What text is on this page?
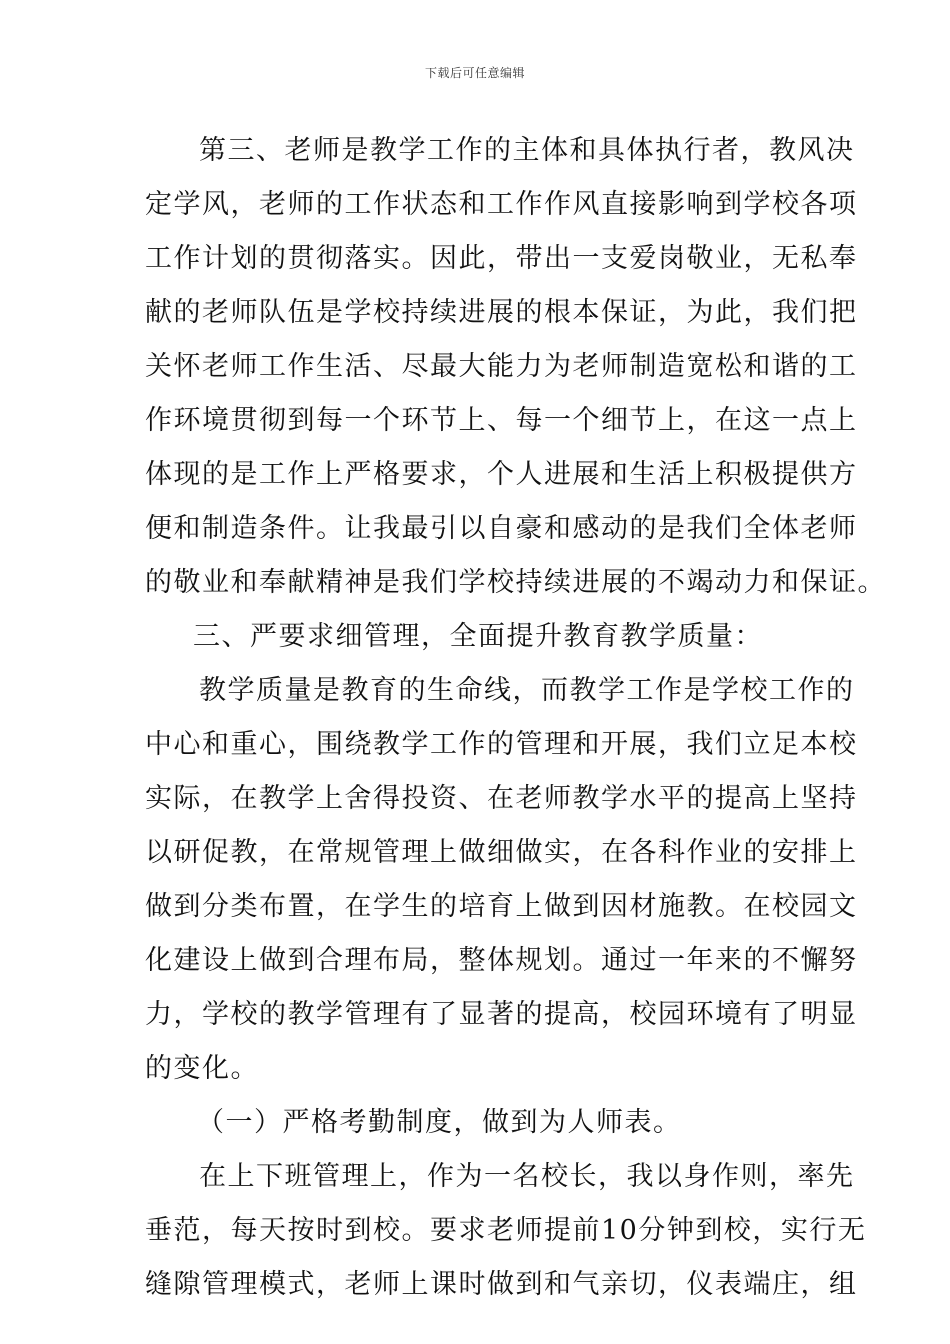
下载后可任意编辑
第三、老师是教学工作的主体和具体执行者，教风决
定学风，老师的工作状态和工作作风直接影响到学校各项
工作计划的贯彻落实。因此，带出一支爱岗敬业，无私奉
献的老师队伍是学校持续进展的根本保证，为此，我们把
关怀老师工作生活、尽最大能力为老师制造宽松和谐的工
作环境贯彻到每一个环节上、每一个细节上，在这一点上
体现的是工作上严格要求，个人进展和生活上积极提供方
便和制造条件。让我最引以自豪和感动的是我们全体老师
的敬业和奉献精神是我们学校持续进展的不竭动力和保证。
三、严要求细管理，全面提升教育教学质量：
教学质量是教育的生命线，而教学工作是学校工作的
中心和重心，围绕教学工作的管理和开展，我们立足本校
实际，在教学上舍得投资、在老师教学水平的提高上坚持
以研促教，在常规管理上做细做实，在各科作业的安排上
做到分类布置，在学生的培育上做到因材施教。在校园文
化建设上做到合理布局，整体规划。通过一年来的不懈努
力，学校的教学管理有了显著的提高，校园环境有了明显
的变化。
（一）严格考勤制度，做到为人师表。
在上下班管理上，作为一名校长，我以身作则，率先
垂范，每天按时到校。要求老师提前10分钟到校，实行无
缝隙管理模式，老师上课时做到和气亲切，仪表端庄，组
